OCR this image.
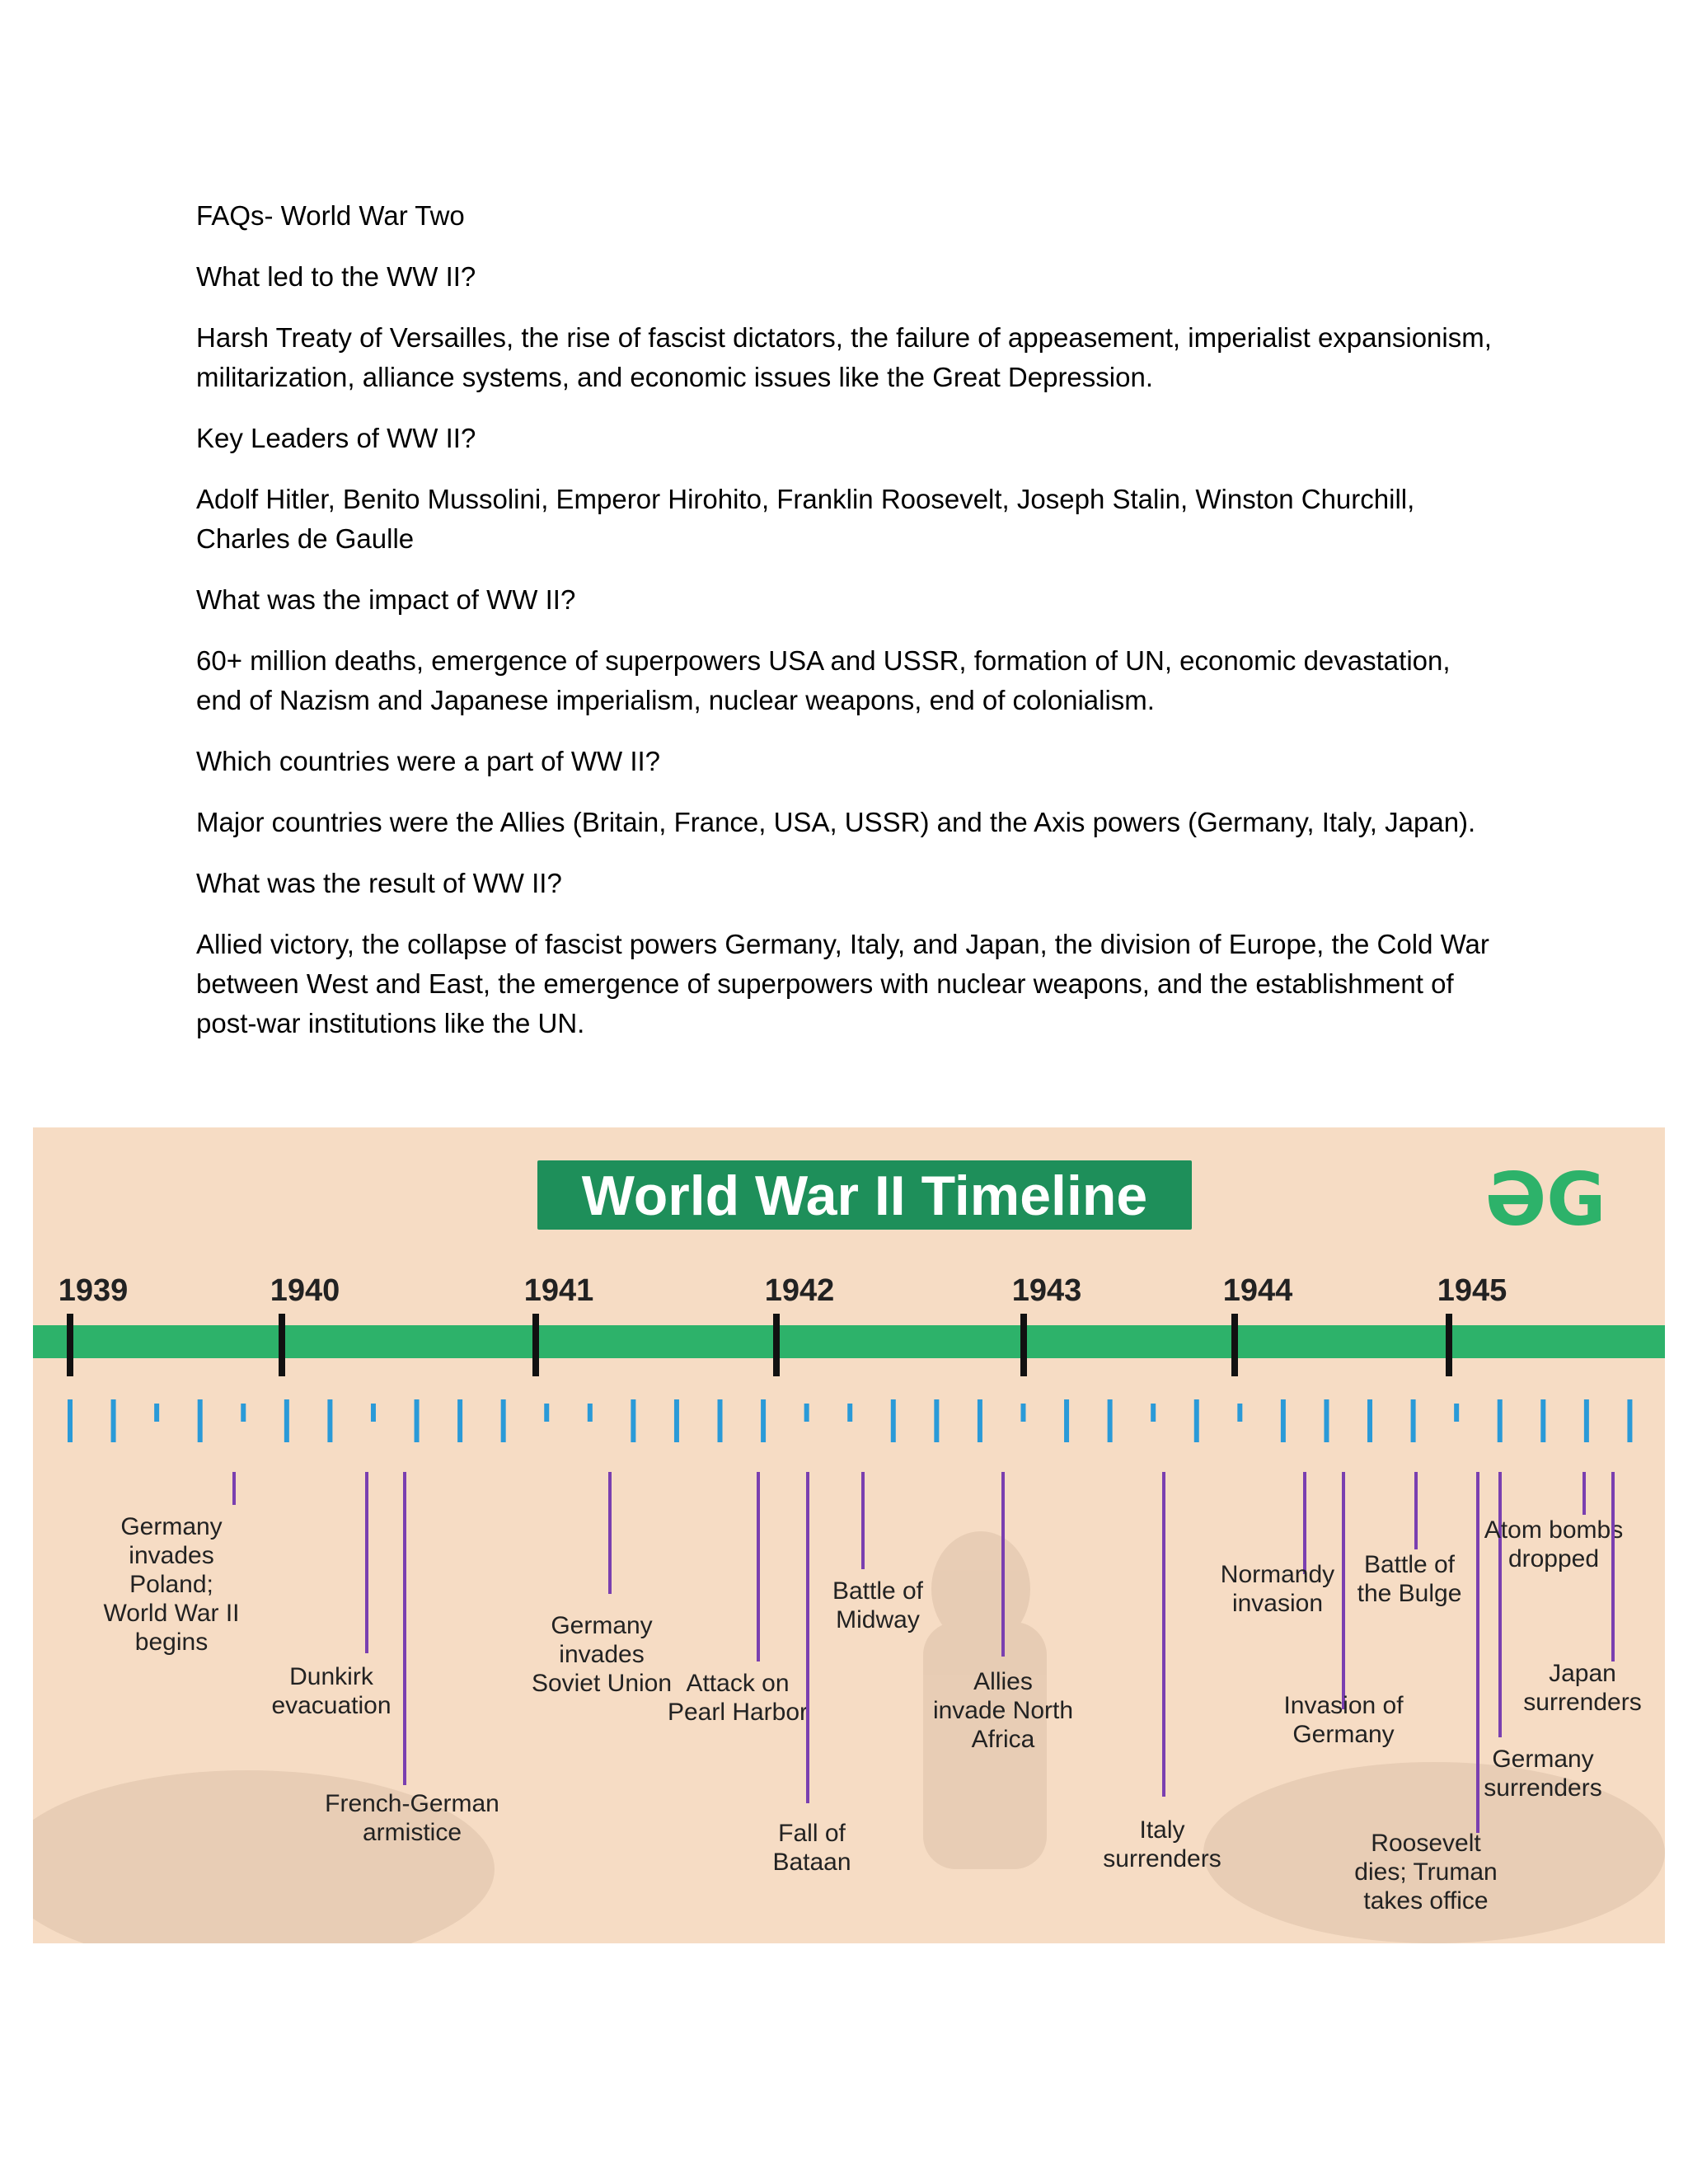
FAQs- World War Two

What led to the WW II?

Harsh Treaty of Versailles, the rise of fascist dictators, the failure of appeasement, imperialist expansionism, militarization, alliance systems, and economic issues like the Great Depression.

Key Leaders of WW II?

Adolf Hitler, Benito Mussolini, Emperor Hirohito, Franklin Roosevelt, Joseph Stalin, Winston Churchill, Charles de Gaulle

What was the impact of WW II?

60+ million deaths, emergence of superpowers USA and USSR, formation of UN, economic devastation, end of Nazism and Japanese imperialism, nuclear weapons, end of colonialism.

Which countries were a part of WW II?

Major countries were the Allies (Britain, France, USA, USSR) and the Axis powers (Germany, Italy, Japan).

What was the result of WW II?

Allied victory, the collapse of fascist powers Germany, Italy, and Japan, the division of Europe, the Cold War between West and East, the emergence of superpowers with nuclear weapons, and the establishment of post-war institutions like the UN.

World War II Timeline	ƏG
1939	1940	1941	1942	1943	1944	1945
Germany invades Poland; World War II begins
Dunkirk evacuation
French-German armistice
Germany invades Soviet Union Attack on Pearl Harbor
Fall of Bataan
Battle of Midway
Allies invade North Africa
Italy surrenders
Normandy invasion
Invasion of Germany
Battle of the Bulge
Roosevelt dies; Truman takes office
Germany surrenders
Atom bombs dropped
Japan surrenders
